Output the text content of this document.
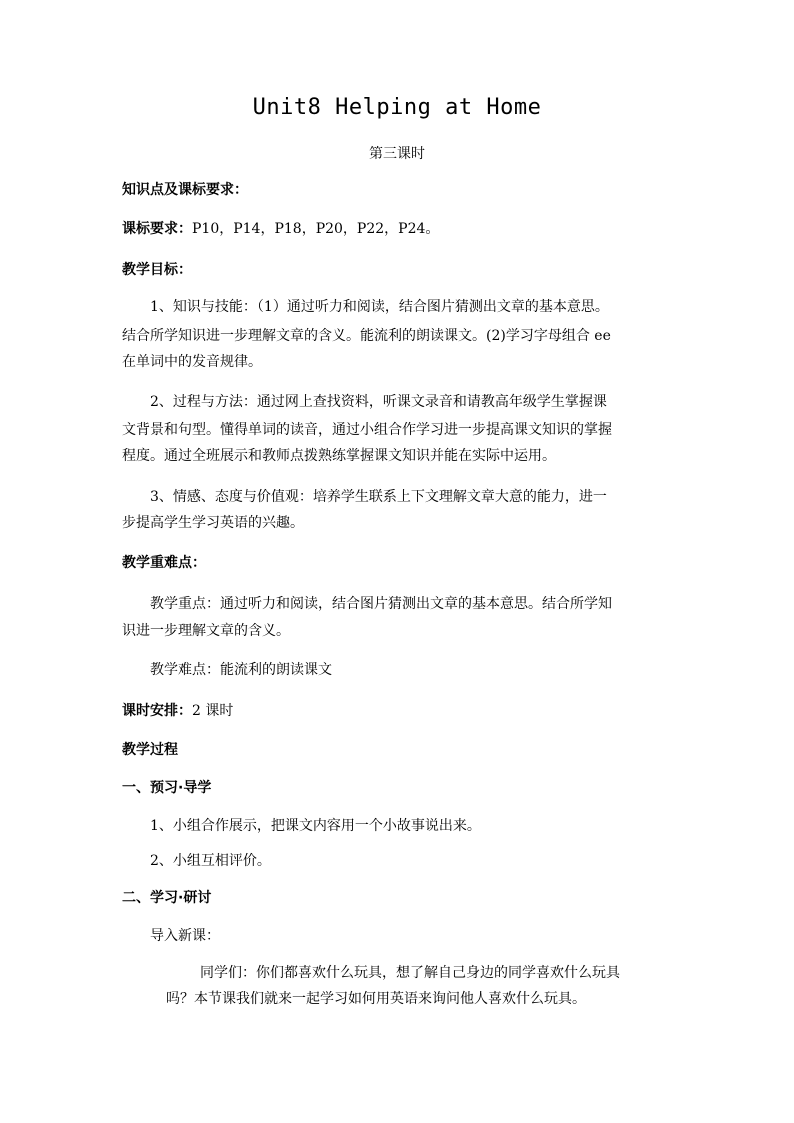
Unit8 Helping at Home
第三课时
知识点及课标要求：
课标要求：P10，P14，P18，P20，P22，P24。
教学目标：
1、知识与技能：（1）通过听力和阅读，结合图片猜测出文章的基本意思。
结合所学知识进一步理解文章的含义。能流利的朗读课文。(2)学习字母组合 ee
在单词中的发音规律。
2、过程与方法：通过网上查找资料，听课文录音和请教高年级学生掌握课
文背景和句型。懂得单词的读音，通过小组合作学习进一步提高课文知识的掌握
程度。通过全班展示和教师点拨熟练掌握课文知识并能在实际中运用。
3、情感、态度与价值观：培养学生联系上下文理解文章大意的能力，进一
步提高学生学习英语的兴趣。
教学重难点：
教学重点：通过听力和阅读，结合图片猜测出文章的基本意思。结合所学知
识进一步理解文章的含义。
教学难点：能流利的朗读课文
课时安排：2 课时
教学过程
一、预习·导学
1、小组合作展示，把课文内容用一个小故事说出来。
2、小组互相评价。
二、学习·研讨
导入新课：
同学们：你们都喜欢什么玩具，想了解自己身边的同学喜欢什么玩具
吗？本节课我们就来一起学习如何用英语来询问他人喜欢什么玩具。
